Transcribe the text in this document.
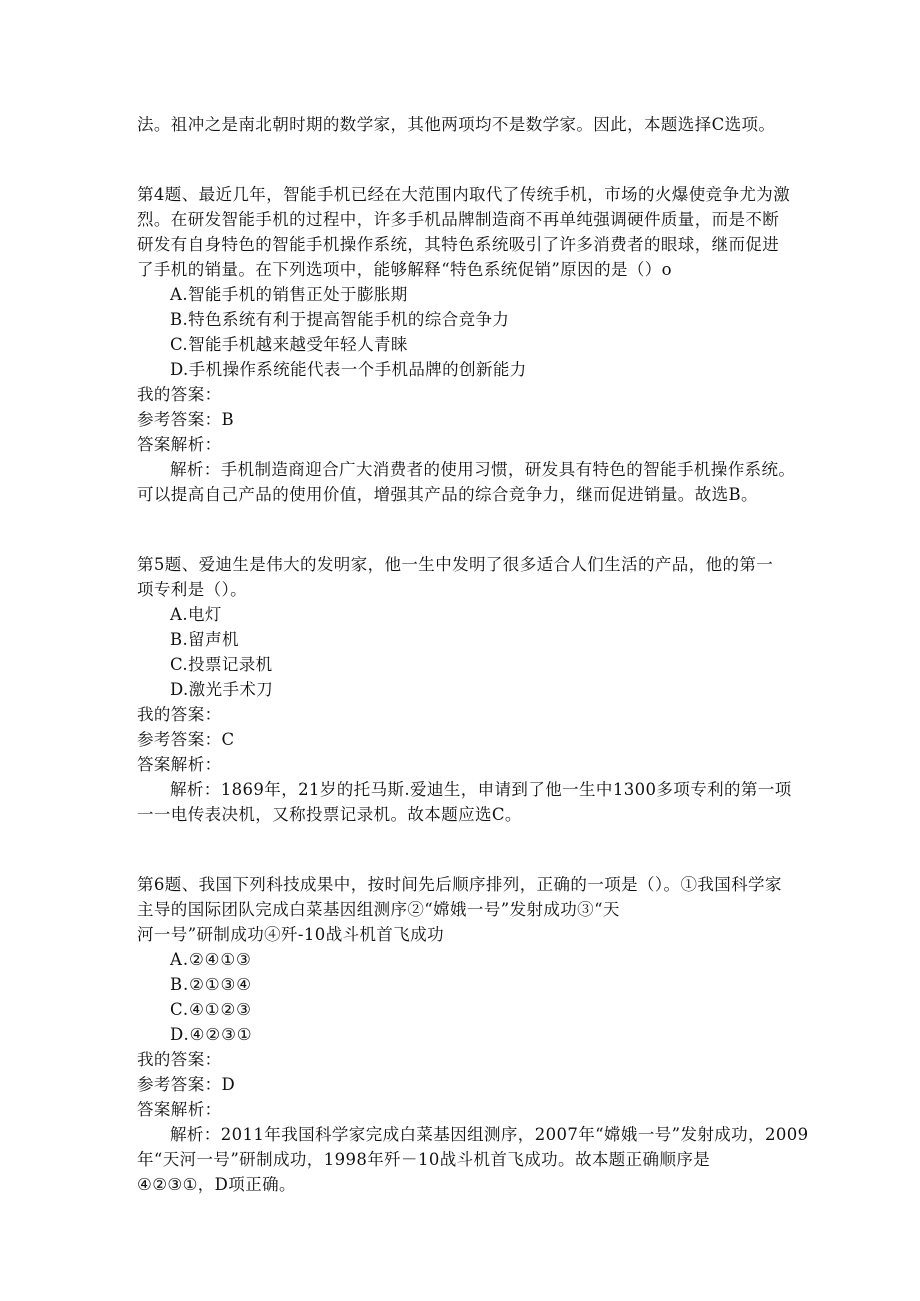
法。祖冲之是南北朝时期的数学家，其他两项均不是数学家。因此，本题选择C选项。
第4题、最近几年，智能手机已经在大范围内取代了传统手机，市场的火爆使竞争尤为激
烈。在研发智能手机的过程中，许多手机品牌制造商不再单纯强调硬件质量，而是不断
研发有自身特色的智能手机操作系统，其特色系统吸引了许多消费者的眼球，继而促进
了手机的销量。在下列选项中，能够解释“特色系统促销”原因的是（）o
A.智能手机的销售正处于膨胀期
B.特色系统有利于提高智能手机的综合竞争力
C.智能手机越来越受年轻人青睐
D.手机操作系统能代表一个手机品牌的创新能力
我的答案：
参考答案：B
答案解析：
解析：手机制造商迎合广大消费者的使用习惯，研发具有特色的智能手机操作系统。
可以提高自己产品的使用价值，增强其产品的综合竞争力，继而促进销量。故选B。
第5题、爱迪生是伟大的发明家，他一生中发明了很多适合人们生活的产品，他的第一
项专利是（）。
A.电灯
B.留声机
C.投票记录机
D.激光手术刀
我的答案：
参考答案：C
答案解析：
解析：1869年，21岁的托马斯.爱迪生，申请到了他一生中1300多项专利的第一项
一一电传表决机，又称投票记录机。故本题应选C。
第6题、我国下列科技成果中，按时间先后顺序排列，正确的一项是（）。①我国科学家
主导的国际团队完成白菜基因组测序②“嫦娥一号”发射成功③“天
河一号”研制成功④歼-10战斗机首飞成功
A.②④①③
B.②①③④
C.④①②③
D.④②③①
我的答案：
参考答案：D
答案解析：
解析：2011年我国科学家完成白菜基因组测序，2007年“嫦娥一号”发射成功，2009
年“天河一号”研制成功，1998年歼－10战斗机首飞成功。故本题正确顺序是
④②③①，D项正确。
